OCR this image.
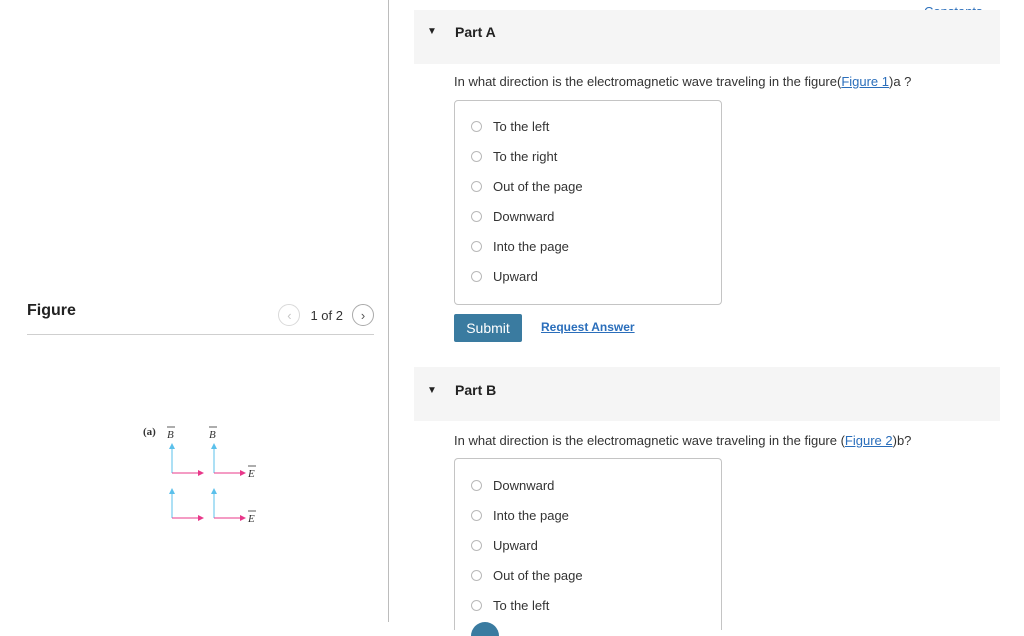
Figure	‹	1 of 2	›
(a) B	B
E
E
▼ Part A
In what direction is the electromagnetic wave traveling in the figure(Figure 1)a ?
To the left
To the right
Out of the page
Downward
Into the page
Upward
Submit	Request Answer
▼ Part B
In what direction is the electromagnetic wave traveling in the figure (Figure 2)b?
Downward
Into the page
Upward
Out of the page
To the left
